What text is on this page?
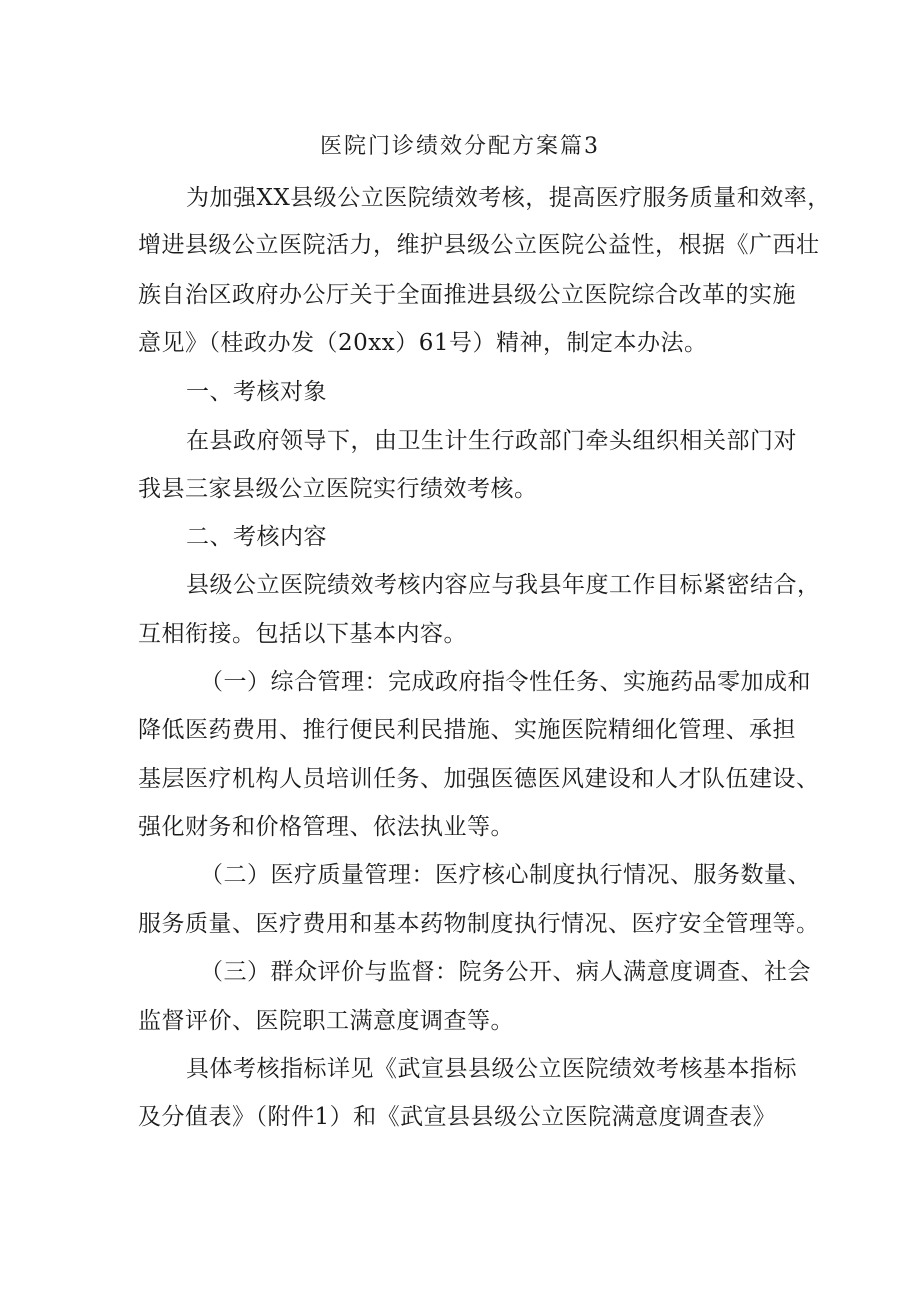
医院门诊绩效分配方案篇3
为加强XX县级公立医院绩效考核，提高医疗服务质量和效率，
增进县级公立医院活力，维护县级公立医院公益性，根据《广西壮
族自治区政府办公厅关于全面推进县级公立医院综合改革的实施
意见》（桂政办发（20xx）61号）精神，制定本办法。
一、考核对象
在县政府领导下，由卫生计生行政部门牵头组织相关部门对
我县三家县级公立医院实行绩效考核。
二、考核内容
县级公立医院绩效考核内容应与我县年度工作目标紧密结合，
互相衔接。包括以下基本内容。
（一）综合管理：完成政府指令性任务、实施药品零加成和
降低医药费用、推行便民利民措施、实施医院精细化管理、承担
基层医疗机构人员培训任务、加强医德医风建设和人才队伍建设、
强化财务和价格管理、依法执业等。
（二）医疗质量管理：医疗核心制度执行情况、服务数量、
服务质量、医疗费用和基本药物制度执行情况、医疗安全管理等。
（三）群众评价与监督：院务公开、病人满意度调查、社会
监督评价、医院职工满意度调查等。
具体考核指标详见《武宣县县级公立医院绩效考核基本指标
及分值表》（附件1）和《武宣县县级公立医院满意度调查表》
